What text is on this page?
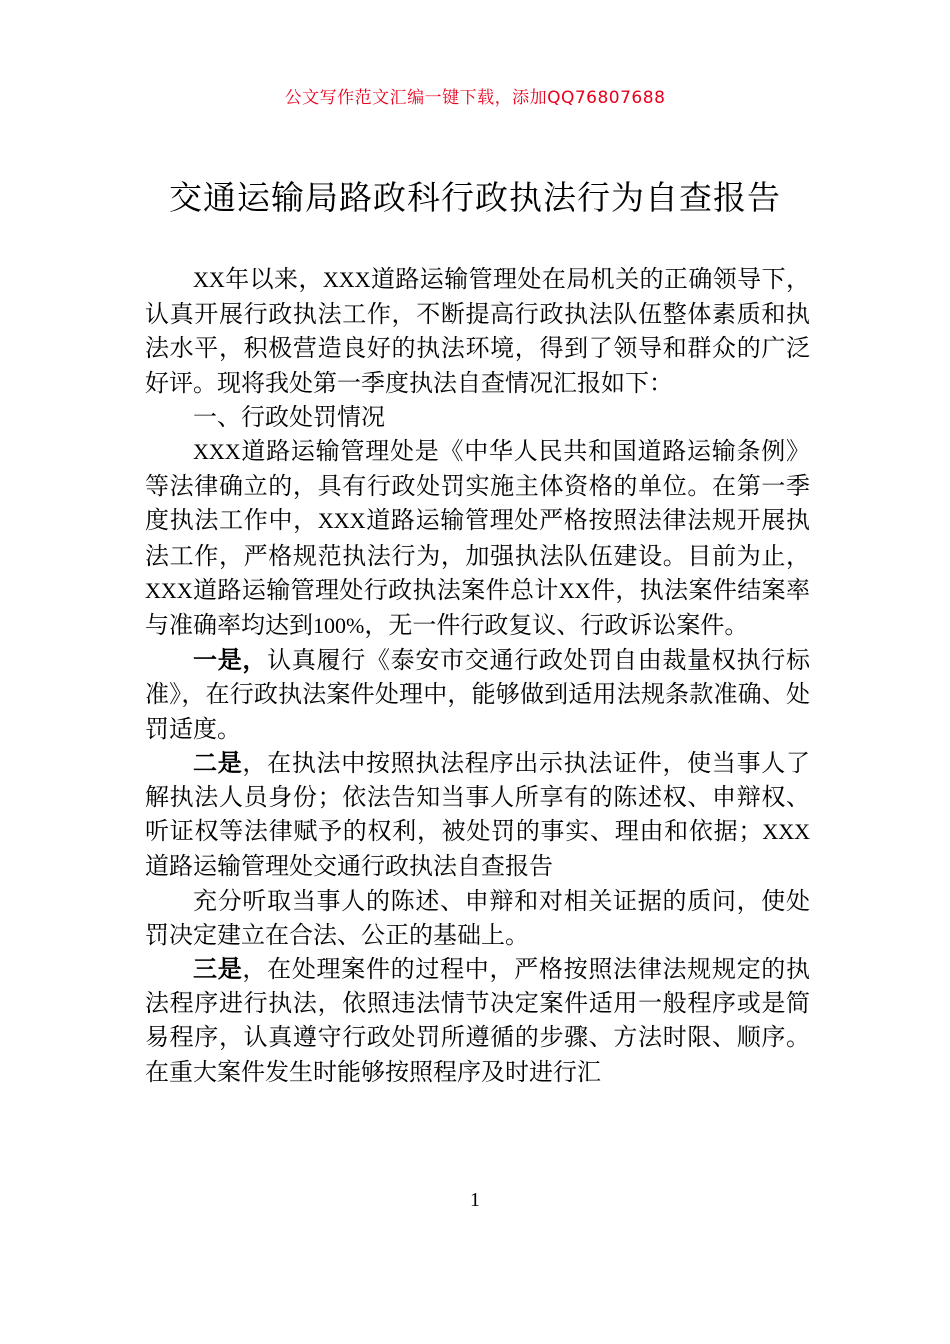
公文写作范文汇编一键下载，添加QQ76807688
交通运输局路政科行政执法行为自查报告

XX年以来，XXX道路运输管理处在局机关的正确领导下，认真开展行政执法工作，不断提高行政执法队伍整体素质和执法水平，积极营造良好的执法环境，得到了领导和群众的广泛好评。现将我处第一季度执法自查情况汇报如下：

一、行政处罚情况

XXX道路运输管理处是《中华人民共和国道路运输条例》等法律确立的，具有行政处罚实施主体资格的单位。在第一季度执法工作中，XXX道路运输管理处严格按照法律法规开展执法工作，严格规范执法行为，加强执法队伍建设。目前为止，XXX道路运输管理处行政执法案件总计XX件，执法案件结案率与准确率均达到100%，无一件行政复议、行政诉讼案件。

一是，认真履行《泰安市交通行政处罚自由裁量权执行标准》，在行政执法案件处理中，能够做到适用法规条款准确、处罚适度。

二是，在执法中按照执法程序出示执法证件，使当事人了解执法人员身份；依法告知当事人所享有的陈述权、申辩权、听证权等法律赋予的权利，被处罚的事实、理由和依据；XXX道路运输管理处交通行政执法自查报告

充分听取当事人的陈述、申辩和对相关证据的质问，使处罚决定建立在合法、公正的基础上。

三是，在处理案件的过程中，严格按照法律法规规定的执法程序进行执法，依照违法情节决定案件适用一般程序或是简易程序，认真遵守行政处罚所遵循的步骤、方法时限、顺序。在重大案件发生时能够按照程序及时进行汇

1
